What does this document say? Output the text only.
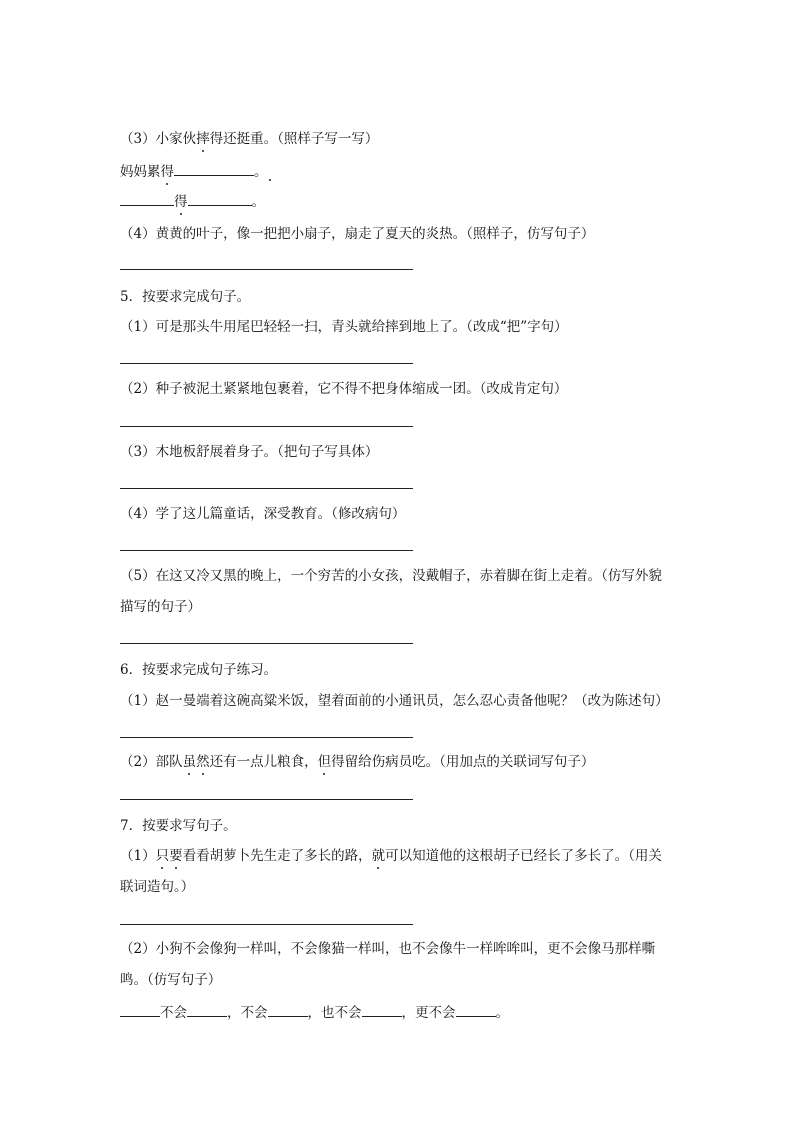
（3）小家伙摔得还挺重。（照样子写一写）
妈妈累得	。
得	。
（4）黄黄的叶子，像一把把小扇子，扇走了夏天的炎热。（照样子，仿写句子）
5．按要求完成句子。
（1）可是那头牛用尾巴轻轻一扫，青头就给摔到地上了。（改成“把”字句）
（2）种子被泥土紧紧地包裹着，它不得不把身体缩成一团。（改成肯定句）
（3）木地板舒展着身子。（把句子写具体）
（4）学了这儿篇童话，深受教育。（修改病句）
（5）在这又冷又黑的晚上，一个穷苦的小女孩，没戴帽子，赤着脚在街上走着。（仿写外貌
描写的句子）
6．按要求完成句子练习。
（1）赵一曼端着这碗高粱米饭，望着面前的小通讯员，怎么忍心责备他呢？（改为陈述句）
（2）部队虽然还有一点儿粮食，但得留给伤病员吃。（用加点的关联词写句子）
7．按要求写句子。
（1）只要看看胡萝卜先生走了多长的路，就可以知道他的这根胡子已经长了多长了。（用关
联词造句。）
（2）小狗不会像狗一样叫，不会像猫一样叫，也不会像牛一样哞哞叫，更不会像马那样嘶
鸣。（仿写句子）
不会	，不会	，也不会	，更不会	。
